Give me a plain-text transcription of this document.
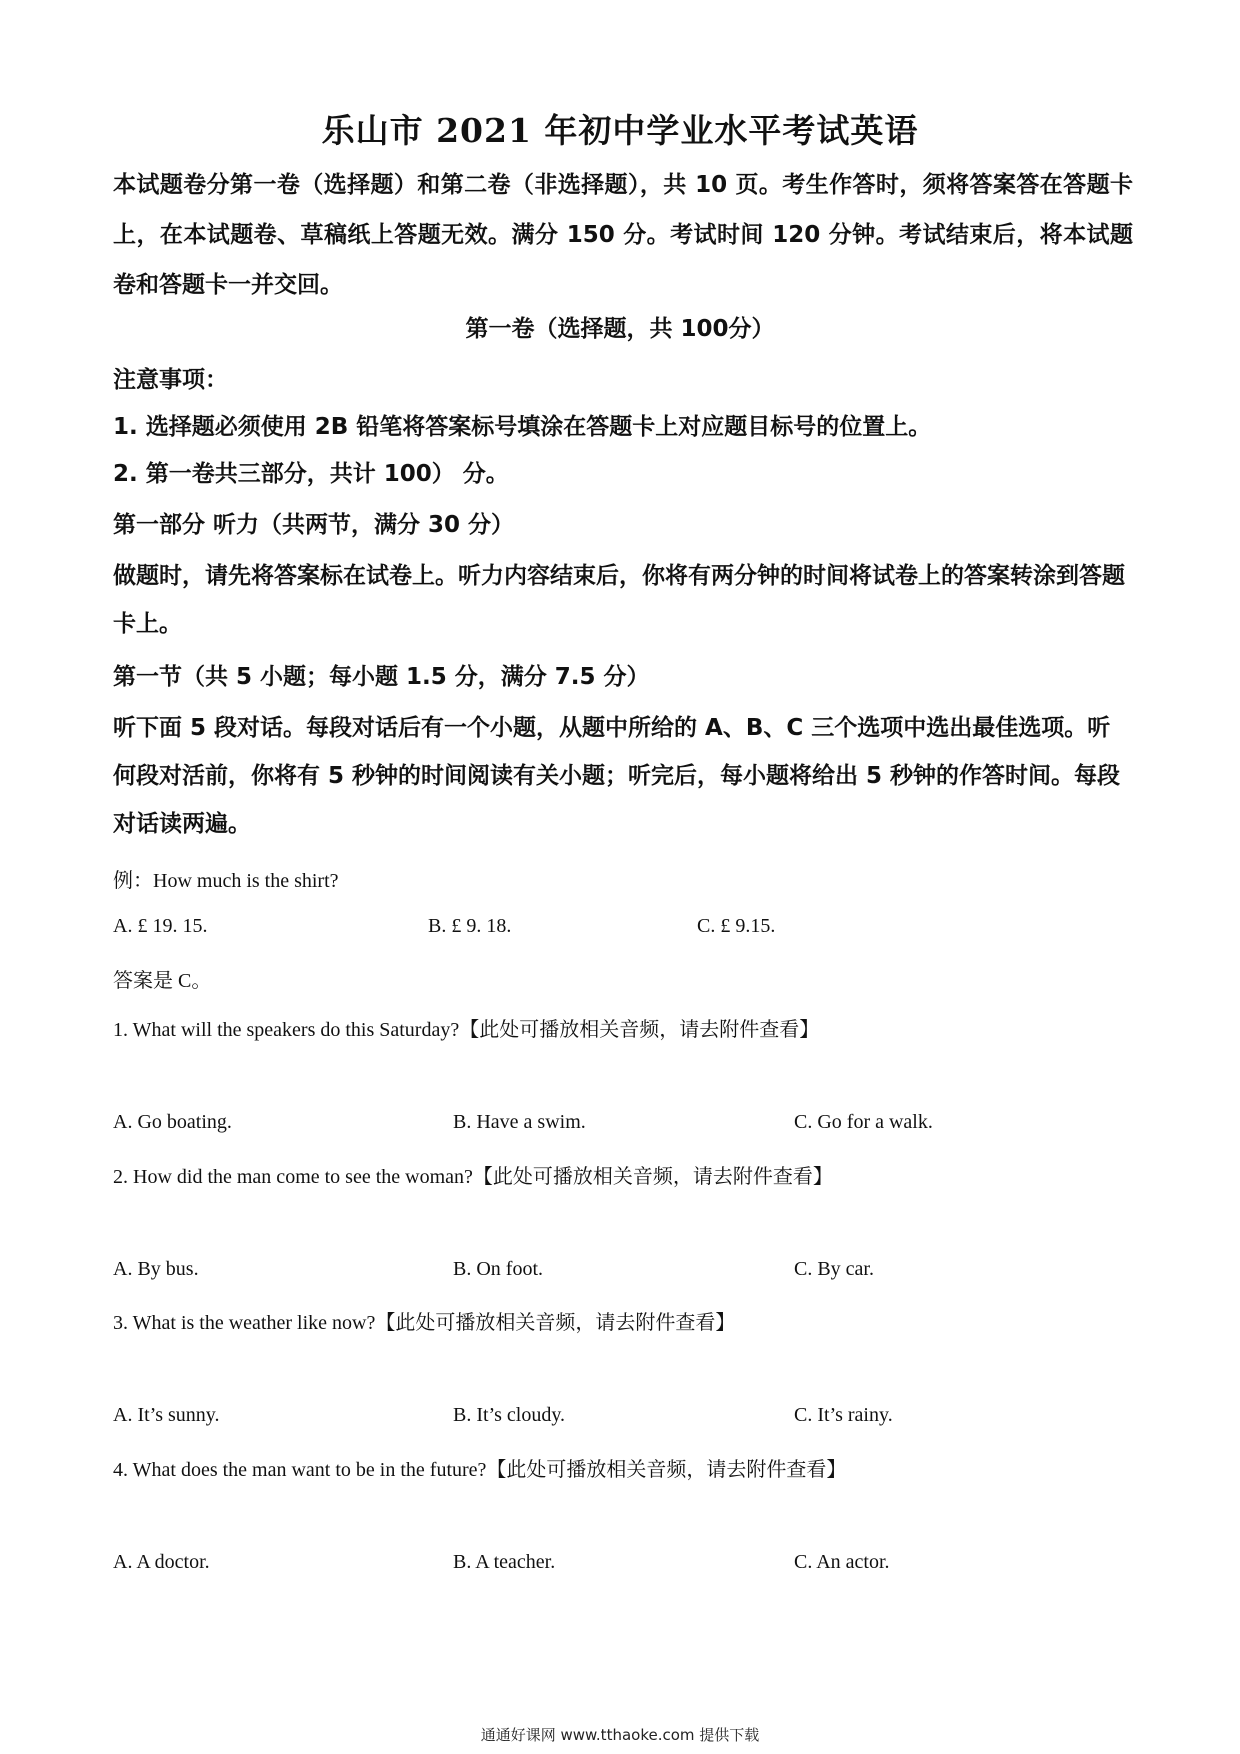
乐山市 2021 年初中学业水平考试英语
本试题卷分第一卷（选择题）和第二卷（非选择题），共 10 页。考生作答时，须将答案答在答题卡上，在本试题卷、草稿纸上答题无效。满分 150 分。考试时间 120 分钟。考试结束后，将本试题卷和答题卡一并交回。
第一卷（选择题，共 100分）
注意事项：
1. 选择题必须使用 2B 铅笔将答案标号填涂在答题卡上对应题目标号的位置上。
2. 第一卷共三部分，共计 100） 分。
第一部分 听力（共两节，满分 30 分）
做题时，请先将答案标在试卷上。听力内容结束后，你将有两分钟的时间将试卷上的答案转涂到答题卡上。
第一节（共 5 小题；每小题 1.5 分，满分 7.5 分）
听下面 5 段对话。每段对话后有一个小题，从题中所给的 A、B、C 三个选项中选出最佳选项。听何段对活前，你将有 5 秒钟的时间阅读有关小题；听完后，每小题将给出 5 秒钟的作答时间。每段对话读两遍。
例：How much is the shirt?
A. £ 19. 15.	B. £ 9. 18.	C. £ 9.15.
答案是 C。
1. What will the speakers do this Saturday?【此处可播放相关音频，请去附件查看】
A. Go boating.	B. Have a swim.	C. Go for a walk.
2. How did the man come to see the woman?【此处可播放相关音频，请去附件查看】
A. By bus.	B. On foot.	C. By car.
3. What is the weather like now?【此处可播放相关音频，请去附件查看】
A. It’s sunny.	B. It’s cloudy.	C. It’s rainy.
4. What does the man want to be in the future?【此处可播放相关音频，请去附件查看】
A. A doctor.	B. A teacher.	C. An actor.
通通好课网 www.tthaoke.com 提供下载
